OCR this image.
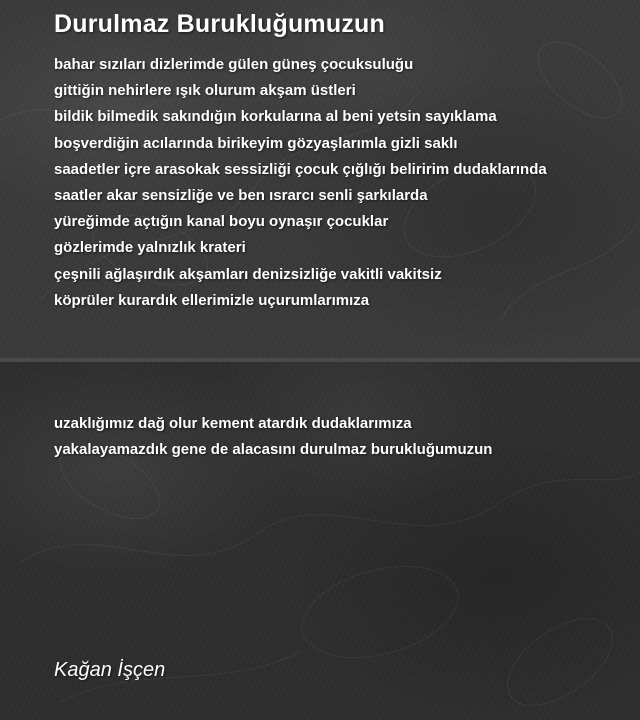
Durulmaz Burukluğumuzun
bahar sızıları dizlerimde gülen güneş çocuksuluğu
gittiğin nehirlere ışık olurum akşam üstleri
bildik bilmedik sakındığın korkularına al beni yetsin sayıklama
boşverdiğin acılarında birikeyim gözyaşlarımla gizli saklı
saadetler içre arasokak sessizliği çocuk çığlığı beliririm dudaklarında
saatler akar sensizliğe ve ben ısrarcı senli şarkılarda
yüreğimde açtığın kanal boyu oynaşır çocuklar
gözlerimde yalnızlık krateri
çeşnili ağlaşırdık akşamları denizsizliğe vakitli vakitsiz
köprüler kurardık ellerimizle uçurumlarımıza
uzaklığımız dağ olur kement atardık dudaklarımıza
yakalayamazdık gene de alacasını durulmaz burukluğumuzun
Kağan İşçen
